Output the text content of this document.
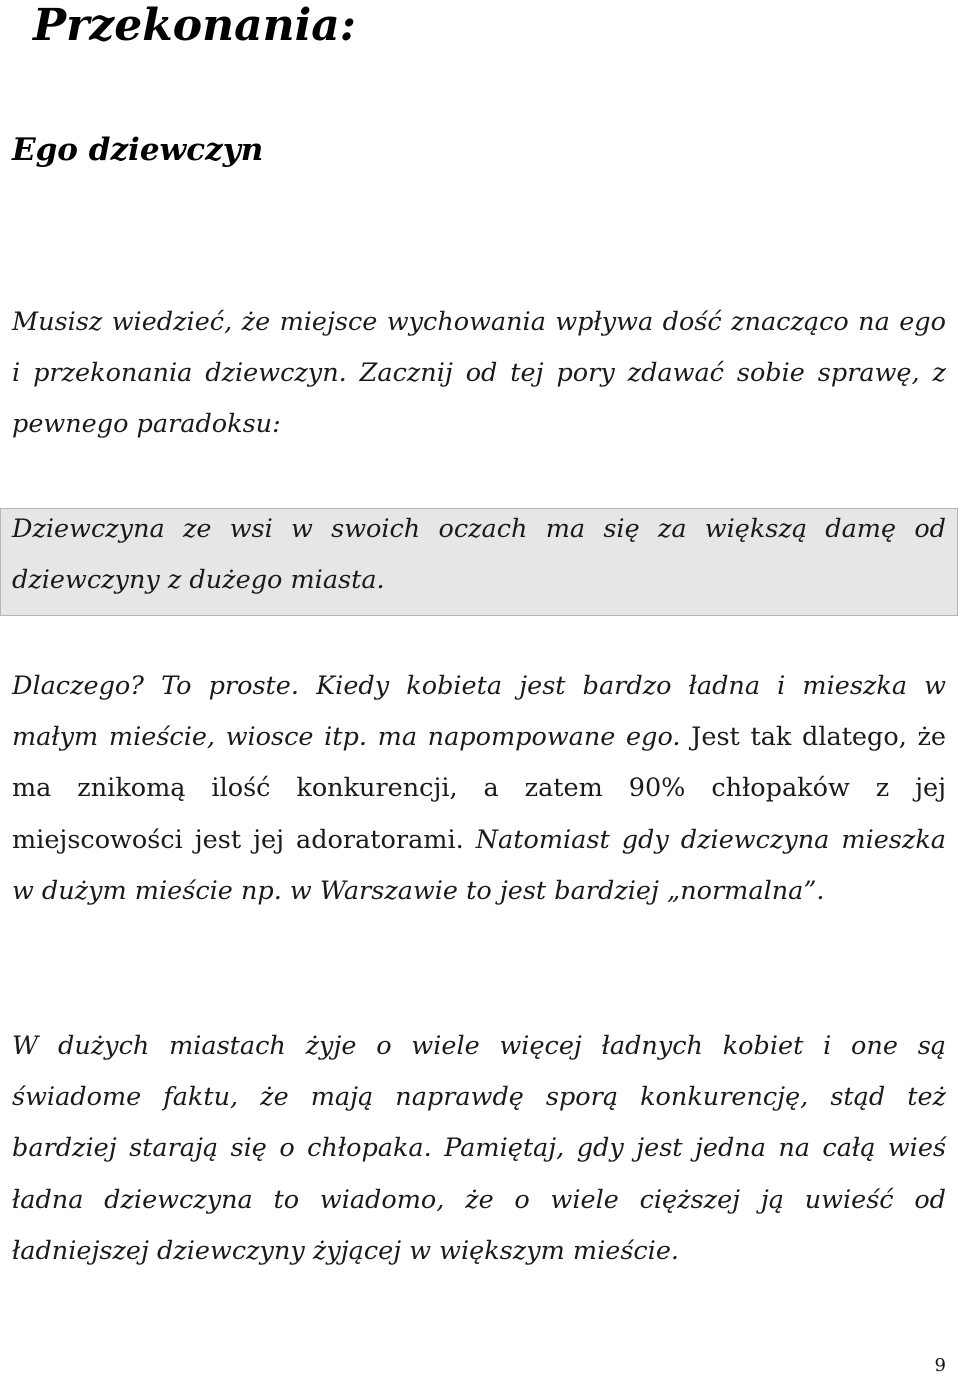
Przekonania:
Ego dziewczyn

Musisz wiedzieć, że miejsce wychowania wpływa dość znacząco na ego i przekonania dziewczyn. Zacznij od tej pory zdawać sobie sprawę, z pewnego paradoksu:

Dziewczyna ze wsi w swoich oczach ma się za większą damę od dziewczyny z dużego miasta.

Dlaczego? To proste. Kiedy kobieta jest bardzo ładna i mieszka w małym mieście, wiosce itp. ma napompowane ego. Jest tak dlatego, że ma znikomą ilość konkurencji, a zatem 90% chłopaków z jej miejscowości jest jej adoratorami. Natomiast gdy dziewczyna mieszka w dużym mieście np. w Warszawie to jest bardziej „normalna”.

W dużych miastach żyje o wiele więcej ładnych kobiet i one są świadome faktu, że mają naprawdę sporą konkurencję, stąd też bardziej starają się o chłopaka. Pamiętaj, gdy jest jedna na całą wieś ładna dziewczyna to wiadomo, że o wiele cięższej ją uwieść od ładniejszej dziewczyny żyjącej w większym mieście.

9
